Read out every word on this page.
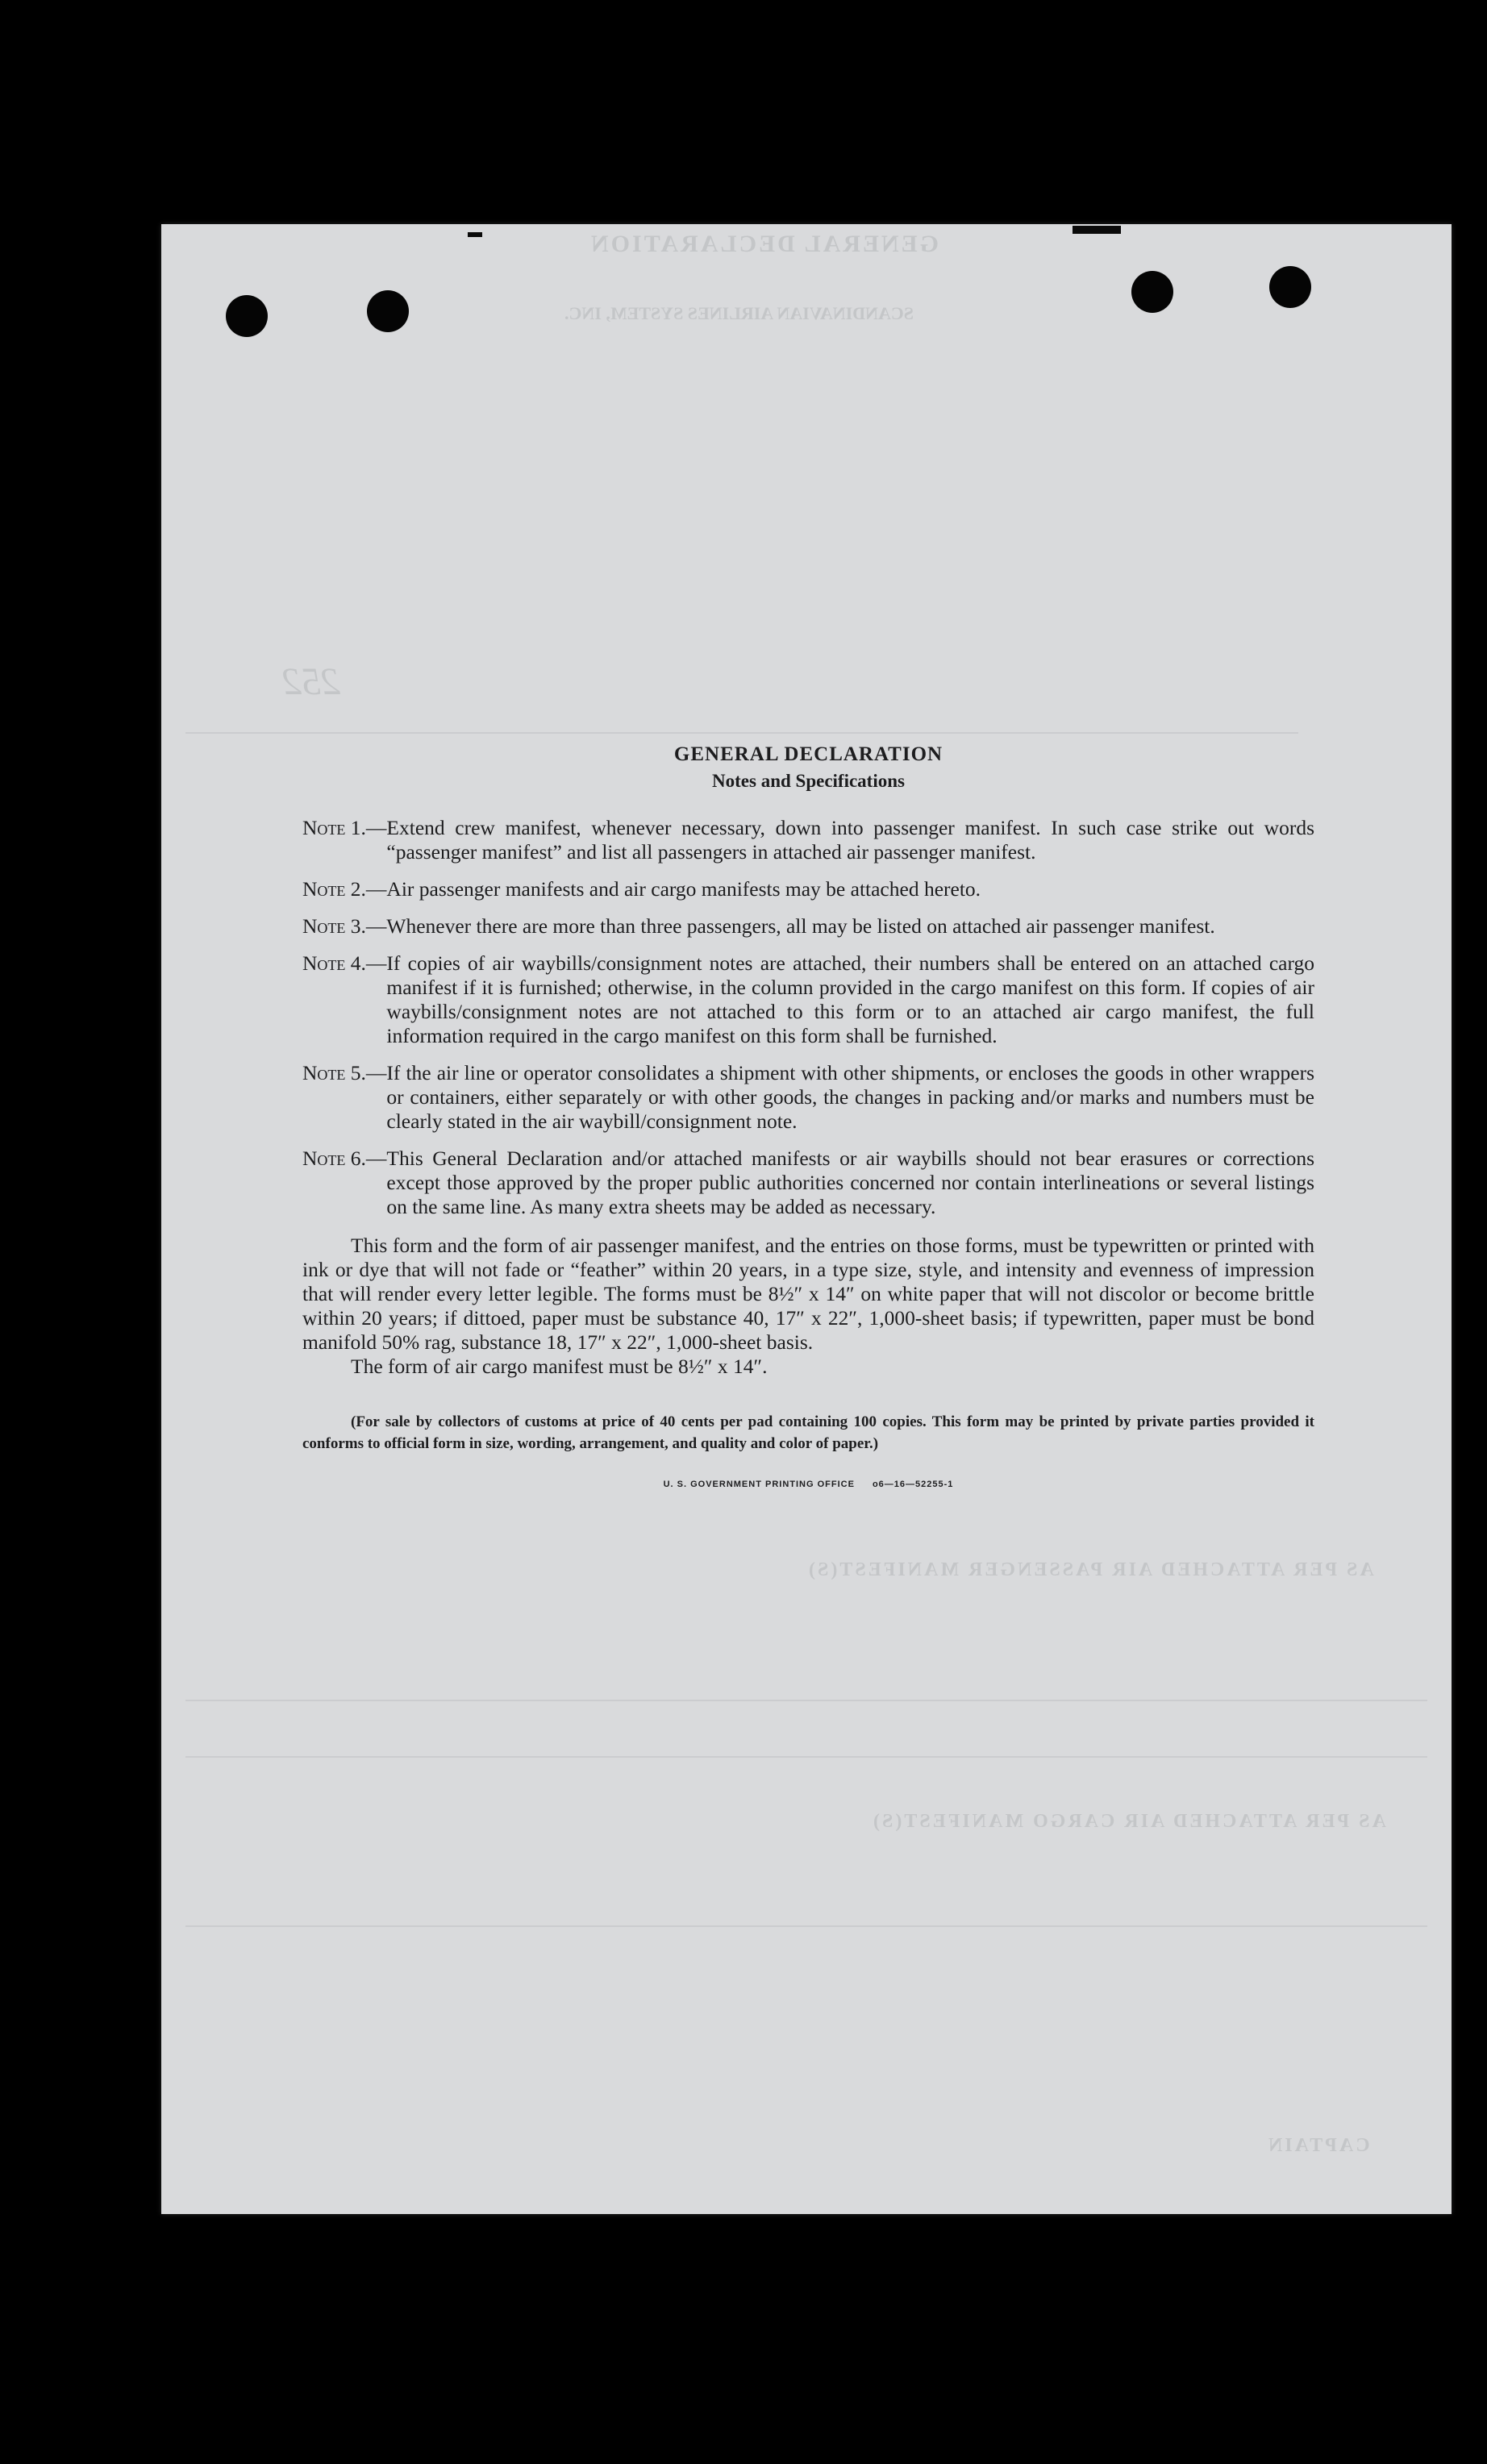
GENERAL DECLARATION
SCANDINAVIAN AIRLINES SYSTEM, INC.
252
AS PER ATTACHED AIR PASSENGER MANIFEST(S)
AS PER ATTACHED AIR CARGO MANIFEST(S)
CAPTAIN
GENERAL DECLARATION
Notes and Specifications
Note 1. — Extend crew manifest, whenever necessary, down into passenger manifest. In such case strike out words “passenger manifest” and list all passengers in attached air passenger manifest.
Note 2. — Air passenger manifests and air cargo manifests may be attached hereto.
Note 3. — Whenever there are more than three passengers, all may be listed on attached air passenger manifest.
Note 4. — If copies of air waybills/consignment notes are attached, their numbers shall be entered on an attached cargo manifest if it is furnished; otherwise, in the column provided in the cargo manifest on this form. If copies of air waybills/consignment notes are not attached to this form or to an attached air cargo manifest, the full information required in the cargo manifest on this form shall be furnished.
Note 5. — If the air line or operator consolidates a shipment with other shipments, or encloses the goods in other wrappers or containers, either separately or with other goods, the changes in packing and/or marks and numbers must be clearly stated in the air waybill/consignment note.
Note 6. — This General Declaration and/or attached manifests or air waybills should not bear erasures or corrections except those approved by the proper public authorities concerned nor contain interlineations or several listings on the same line. As many extra sheets may be added as necessary.

This form and the form of air passenger manifest, and the entries on those forms, must be typewritten or printed with ink or dye that will not fade or “feather” within 20 years, in a type size, style, and intensity and evenness of impression that will render every letter legible. The forms must be 8½″ x 14″ on white paper that will not discolor or become brittle within 20 years; if dittoed, paper must be substance 40, 17″ x 22″, 1,000-sheet basis; if typewritten, paper must be bond manifold 50% rag, substance 18, 17″ x 22″, 1,000-sheet basis.

The form of air cargo manifest must be 8½″ x 14″.

(For sale by collectors of customs at price of 40 cents per pad containing 100 copies. This form may be printed by private parties provided it conforms to official form in size, wording, arrangement, and quality and color of paper.)

U. S. GOVERNMENT PRINTING OFFICE o6—16—52255-1
